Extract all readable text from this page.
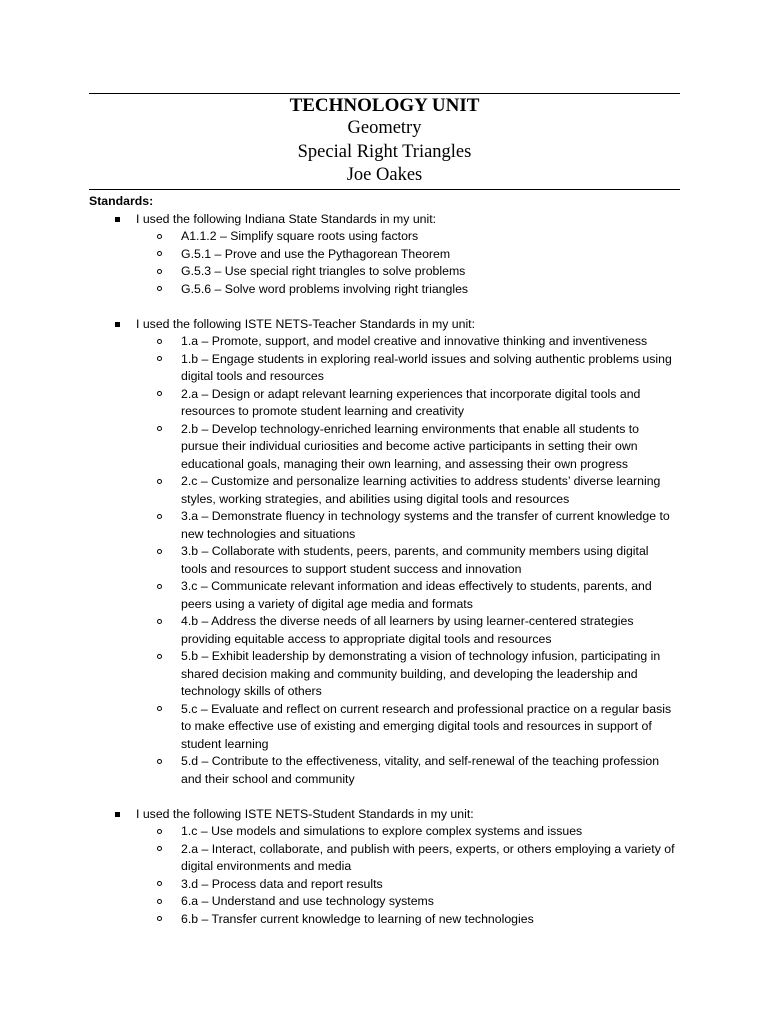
TECHNOLOGY UNIT
Geometry
Special Right Triangles
Joe Oakes
Standards:
I used the following Indiana State Standards in my unit:
A1.1.2 – Simplify square roots using factors
G.5.1 – Prove and use the Pythagorean Theorem
G.5.3 – Use special right triangles to solve problems
G.5.6 – Solve word problems involving right triangles
I used the following ISTE NETS-Teacher Standards in my unit:
1.a – Promote, support, and model creative and innovative thinking and inventiveness
1.b – Engage students in exploring real-world issues and solving authentic problems using digital tools and resources
2.a – Design or adapt relevant learning experiences that incorporate digital tools and resources to promote student learning and creativity
2.b – Develop technology-enriched learning environments that enable all students to pursue their individual curiosities and become active participants in setting their own educational goals, managing their own learning, and assessing their own progress
2.c – Customize and personalize learning activities to address students’ diverse learning styles, working strategies, and abilities using digital tools and resources
3.a – Demonstrate fluency in technology systems and the transfer of current knowledge to new technologies and situations
3.b – Collaborate with students, peers, parents, and community members using digital tools and resources to support student success and innovation
3.c – Communicate relevant information and ideas effectively to students, parents, and peers using a variety of digital age media and formats
4.b – Address the diverse needs of all learners by using learner-centered strategies providing equitable access to appropriate digital tools and resources
5.b – Exhibit leadership by demonstrating a vision of technology infusion, participating in shared decision making and community building, and developing the leadership and technology skills of others
5.c – Evaluate and reflect on current research and professional practice on a regular basis to make effective use of existing and emerging digital tools and resources in support of student learning
5.d – Contribute to the effectiveness, vitality, and self-renewal of the teaching profession and their school and community
I used the following ISTE NETS-Student Standards in my unit:
1.c – Use models and simulations to explore complex systems and issues
2.a – Interact, collaborate, and publish with peers, experts, or others employing a variety of digital environments and media
3.d – Process data and report results
6.a – Understand and use technology systems
6.b – Transfer current knowledge to learning of new technologies
